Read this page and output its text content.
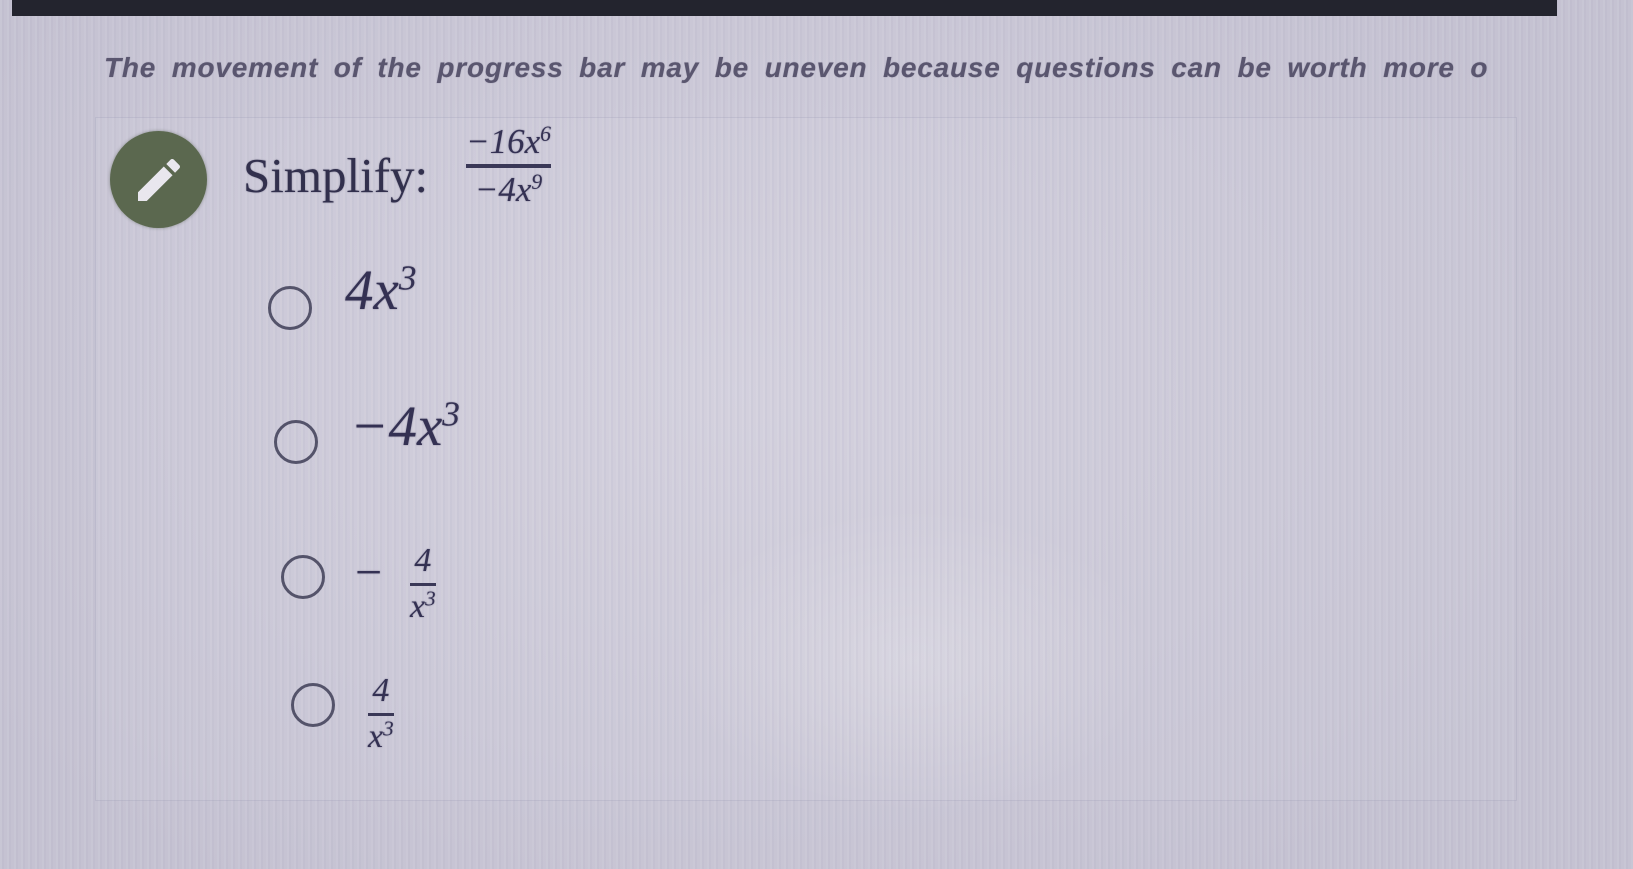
The movement of the progress bar may be uneven because questions can be worth more o
Simplify: $\frac{-16x^6}{-4x^9}$
$4x^3$
$-4x^3$
− $\frac{4}{x^3}$
$\frac{4}{x^3}$
